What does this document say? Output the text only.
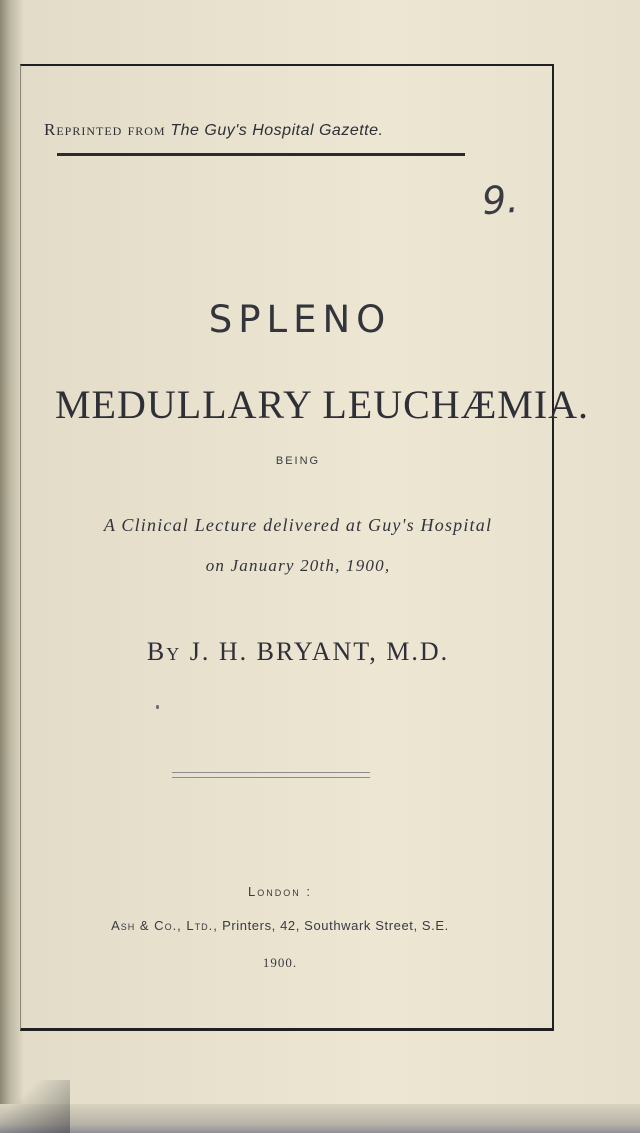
Reprinted from The Guy's Hospital Gazette.
9.
SPLENO
MEDULLARY LEUCHÆMIA.
BEING
A Clinical Lecture delivered at Guy's Hospital
on January 20th, 1900,
By J. H. BRYANT, M.D.
London :
Ash & Co., Ltd., Printers, 42, Southwark Street, S.E.
1900.
